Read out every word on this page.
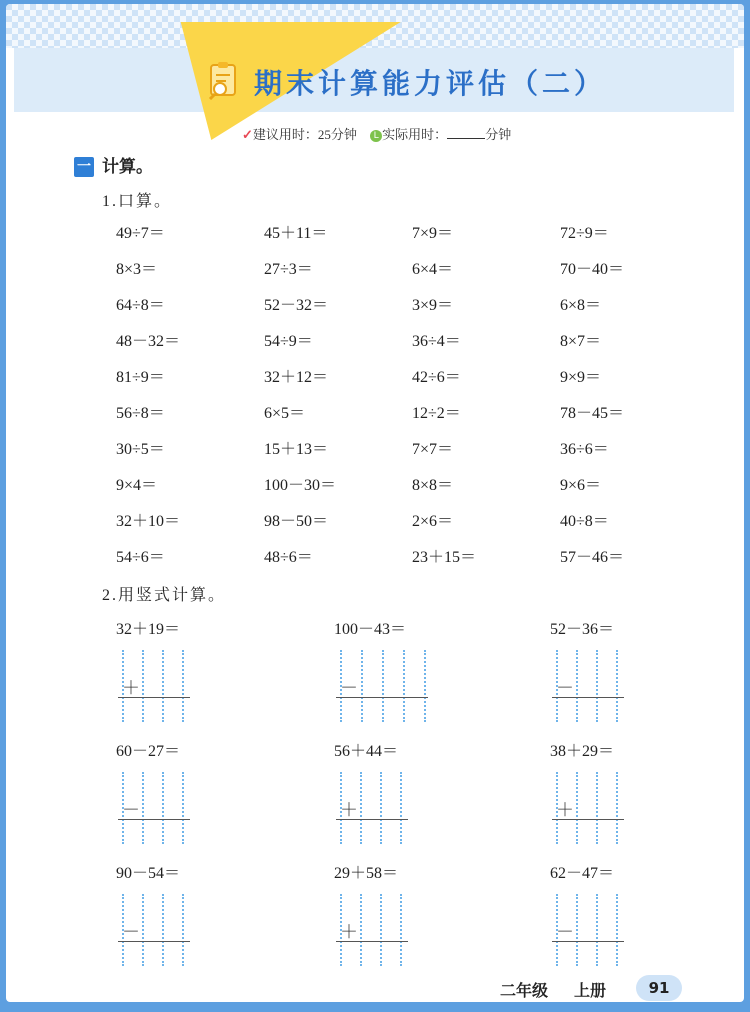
期末计算能力评估（二）
✓建议用时：25分钟 L 实际用时：	分钟
一 计算。
1.口算。
49÷7＝	45＋11＝	7×9＝	72÷9＝
8×3＝	27÷3＝	6×4＝	70－40＝
64÷8＝	52－32＝	3×9＝	6×8＝
48－32＝	54÷9＝	36÷4＝	8×7＝
81÷9＝	32＋12＝	42÷6＝	9×9＝
56÷8＝	6×5＝	12÷2＝	78－45＝
30÷5＝	15＋13＝	7×7＝	36÷6＝
9×4＝	100－30＝	8×8＝	9×6＝
32＋10＝	98－50＝	2×6＝	40÷8＝
54÷6＝	48÷6＝	23＋15＝	57－46＝
2.用竖式计算。
32＋19＝
＋
100－43＝
－
52－36＝
－
60－27＝
－
56＋44＝
＋
38＋29＝
＋
90－54＝
－
29＋58＝
＋
62－47＝
－
二年级 上册	91
